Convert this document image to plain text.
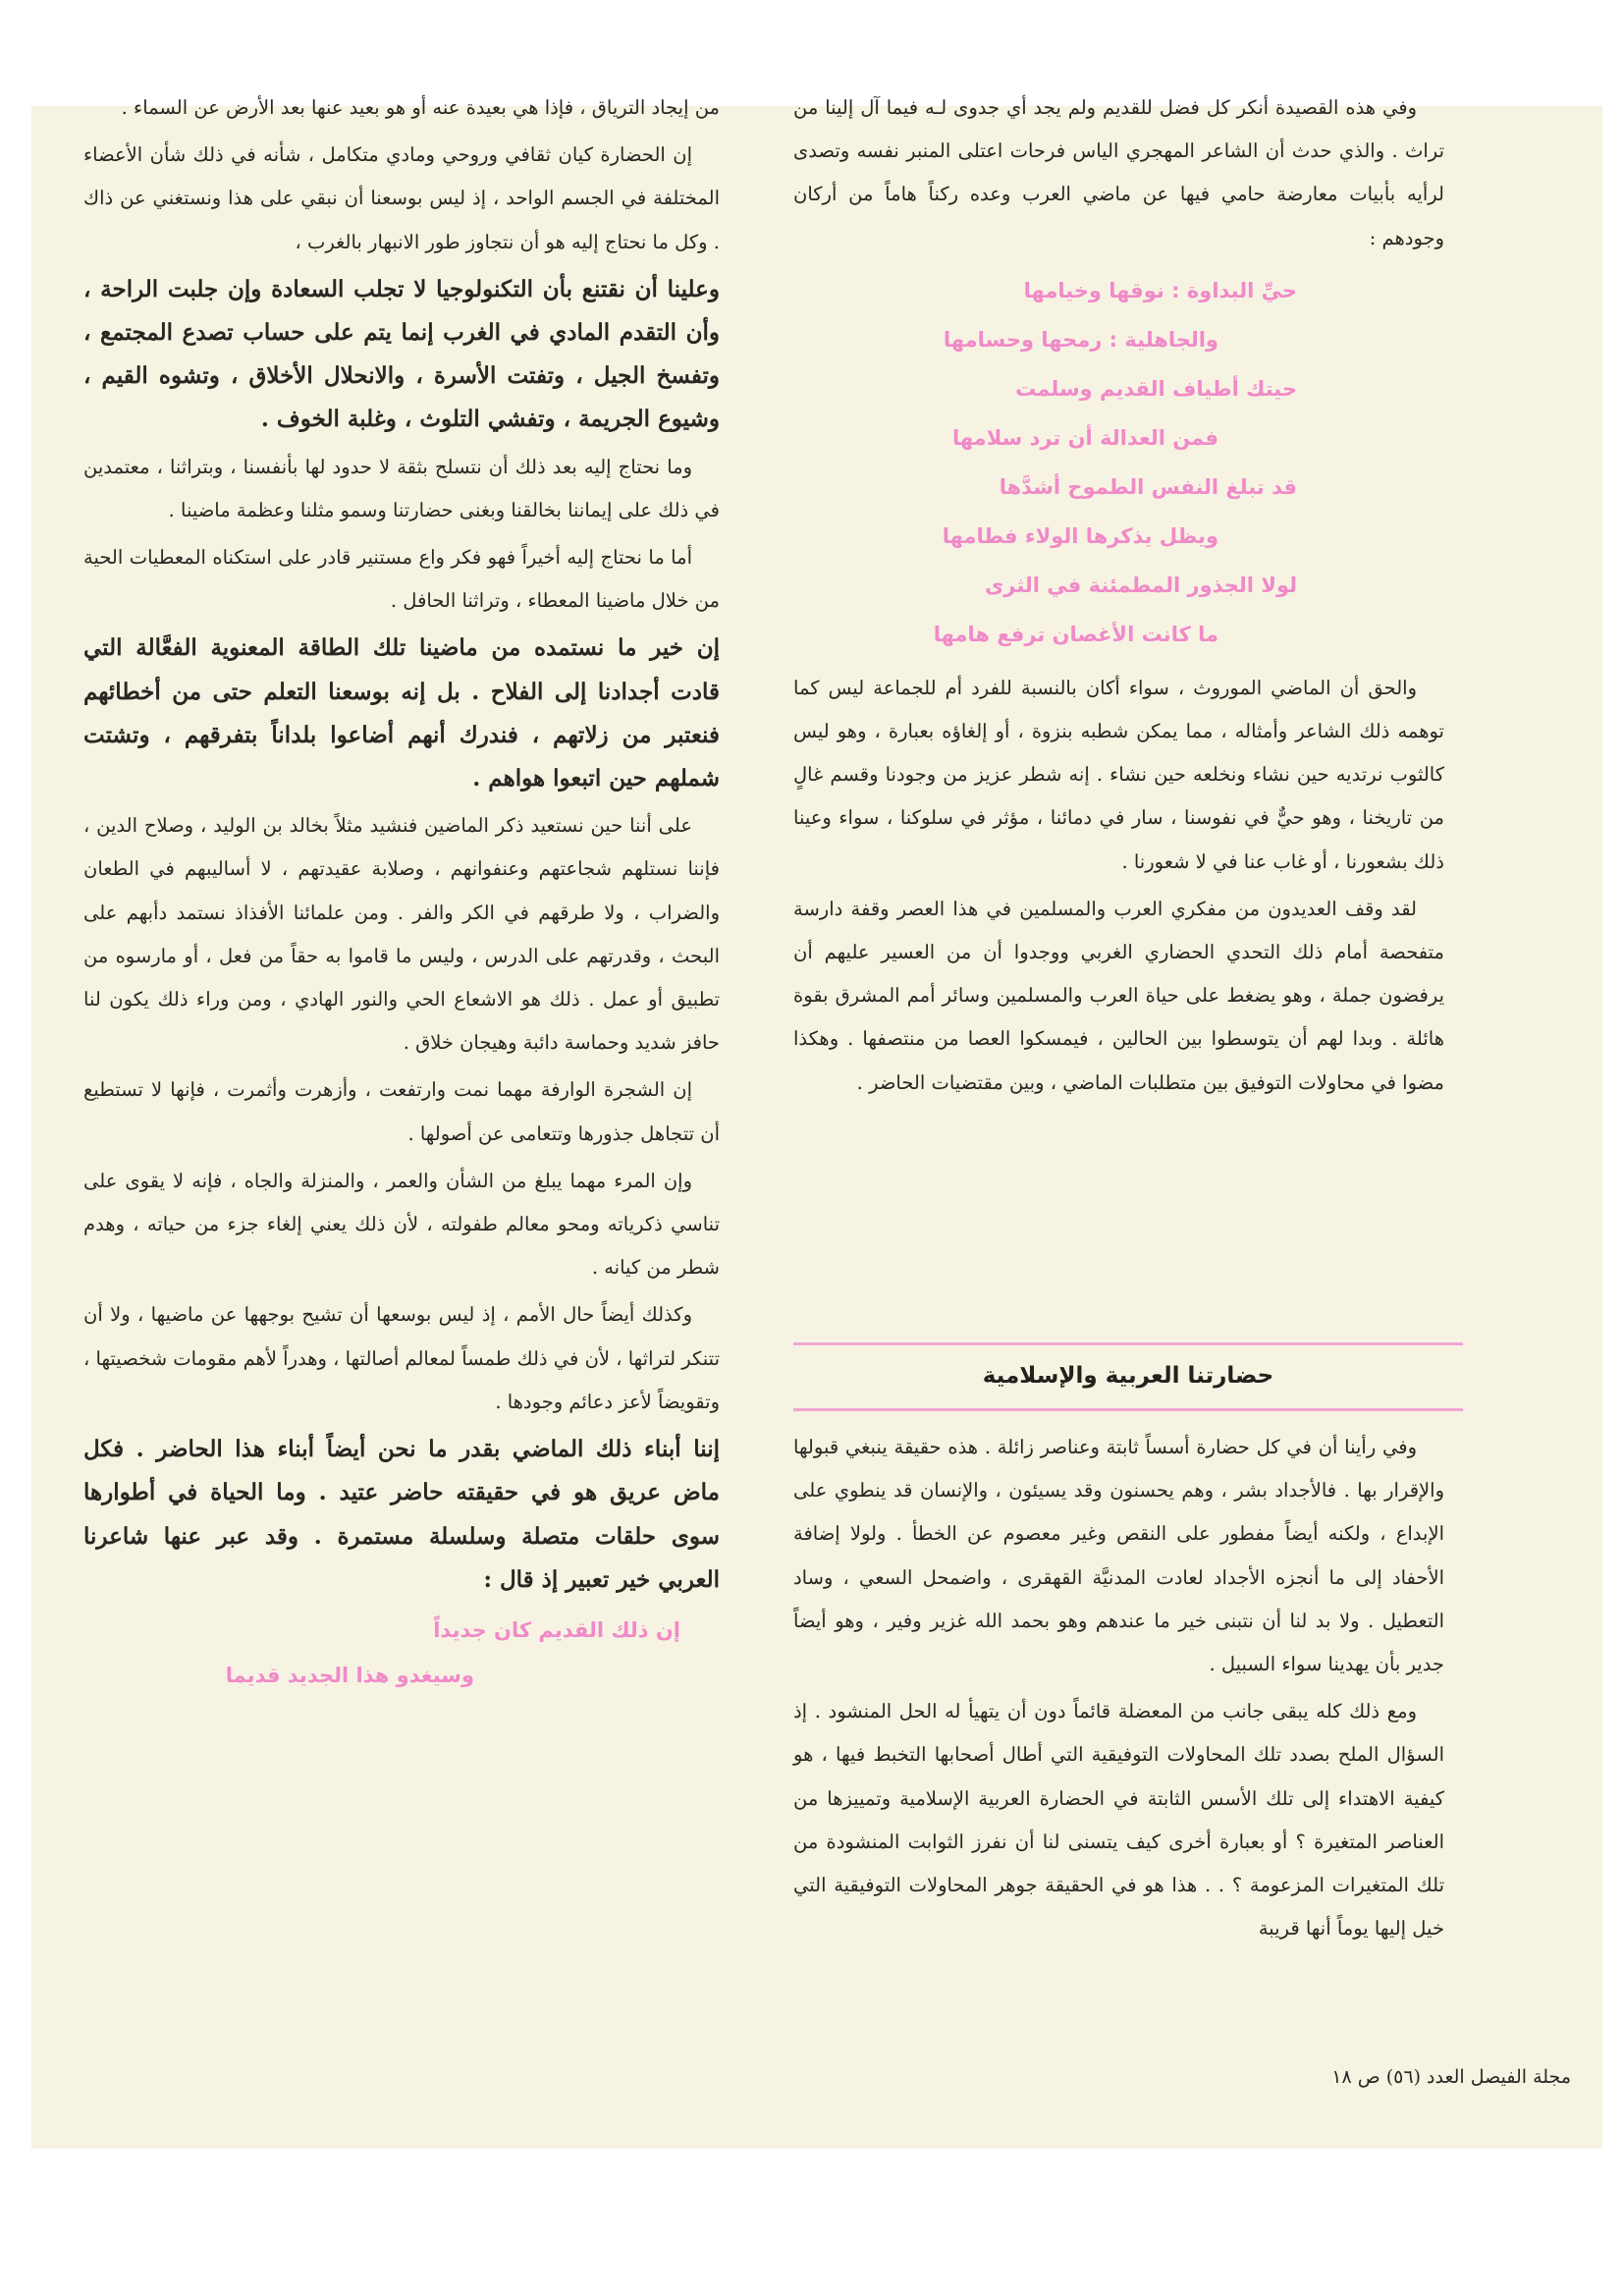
وفي هذه القصيدة أنكر كل فضل للقديم ولم يجد أي جدوى لـه فيما آل إلينا من تراث . والذي حدث أن الشاعر المهجري الياس فرحات اعتلى المنبر نفسه وتصدى لرأيه بأبيات معارضة حامي فيها عن ماضي العرب وعده ركناً هاماً من أركان وجودهم :

حيِّ البداوة : نوقها وخيامها
والجاهلية : رمحها وحسامها
حيتك أطياف القديم وسلمت
فمن العدالة أن ترد سلامها
قد تبلغ النفس الطموح أشدَّها
ويظل يذكرها الولاء فطامها
لولا الجذور المطمئنة في الثرى
ما كانت الأغصان ترفع هامها

والحق أن الماضي الموروث ، سواء أكان بالنسبة للفرد أم للجماعة ليس كما توهمه ذلك الشاعر وأمثاله ، مما يمكن شطبه بنزوة ، أو إلغاؤه بعبارة ، وهو ليس كالثوب نرتديه حين نشاء ونخلعه حين نشاء . إنه شطر عزيز من وجودنا وقسم غالٍ من تاريخنا ، وهو حيٌّ في نفوسنا ، سار في دمائنا ، مؤثر في سلوكنا ، سواء وعينا ذلك بشعورنا ، أو غاب عنا في لا شعورنا .

لقد وقف العديدون من مفكري العرب والمسلمين في هذا العصر وقفة دارسة متفحصة أمام ذلك التحدي الحضاري الغربي ووجدوا أن من العسير عليهم أن يرفضون جملة ، وهو يضغط على حياة العرب والمسلمين وسائر أمم المشرق بقوة هائلة . وبدا لهم أن يتوسطوا بين الحالين ، فيمسكوا العصا من منتصفها . وهكذا مضوا في محاولات التوفيق بين متطلبات الماضي ، وبين مقتضيات الحاضر .

حضارتنا العربية والإسلامية

وفي رأينا أن في كل حضارة أسساً ثابتة وعناصر زائلة . هذه حقيقة ينبغي قبولها والإقرار بها . فالأجداد بشر ، وهم يحسنون وقد يسيئون ، والإنسان قد ينطوي على الإبداع ، ولكنه أيضاً مفطور على النقص وغير معصوم عن الخطأ . ولولا إضافة الأحفاد إلى ما أنجزه الأجداد لعادت المدنيَّة القهقرى ، واضمحل السعي ، وساد التعطيل . ولا بد لنا أن نتبنى خير ما عندهم وهو بحمد الله غزير وفير ، وهو أيضاً جدير بأن يهدينا سواء السبيل .

ومع ذلك كله يبقى جانب من المعضلة قائماً دون أن يتهيأ له الحل المنشود . إذ السؤال الملح بصدد تلك المحاولات التوفيقية التي أطال أصحابها التخبط فيها ، هو كيفية الاهتداء إلى تلك الأسس الثابتة في الحضارة العربية الإسلامية وتمييزها من العناصر المتغيرة ؟ أو بعبارة أخرى كيف يتسنى لنا أن نفرز الثوابت المنشودة من تلك المتغيرات المزعومة ؟ . . هذا هو في الحقيقة جوهر المحاولات التوفيقية التي خيل إليها يوماً أنها قريبة

من إيجاد الترياق ، فإذا هي بعيدة عنه أو هو بعيد عنها بعد الأرض عن السماء .

إن الحضارة كيان ثقافي وروحي ومادي متكامل ، شأنه في ذلك شأن الأعضاء المختلفة في الجسم الواحد ، إذ ليس بوسعنا أن نبقي على هذا ونستغني عن ذاك . وكل ما نحتاج إليه هو أن نتجاوز طور الانبهار بالغرب ،

وعلينا أن نقتنع بأن التكنولوجيا لا تجلب السعادة وإن جلبت الراحة ، وأن التقدم المادي في الغرب إنما يتم على حساب تصدع المجتمع ، وتفسخ الجيل ، وتفتت الأسرة ، والانحلال الأخلاق ، وتشوه القيم ، وشيوع الجريمة ، وتفشي التلوث ، وغلبة الخوف .

وما نحتاج إليه بعد ذلك أن نتسلح بثقة لا حدود لها بأنفسنا ، وبتراثنا ، معتمدين في ذلك على إيماننا بخالقنا وبغنى حضارتنا وسمو مثلنا وعظمة ماضينا .

أما ما نحتاج إليه أخيراً فهو فكر واع مستنير قادر على استكناه المعطيات الحية من خلال ماضينا المعطاء ، وتراثنا الحافل .

إن خير ما نستمده من ماضينا تلك الطاقة المعنوية الفعَّالة التي قادت أجدادنا إلى الفلاح . بل إنه بوسعنا التعلم حتى من أخطائهم فنعتبر من زلاتهم ، فندرك أنهم أضاعوا بلداناً بتفرقهم ، وتشتت شملهم حين اتبعوا هواهم .

على أننا حين نستعيد ذكر الماضين فنشيد مثلاً بخالد بن الوليد ، وصلاح الدين ، فإننا نستلهم شجاعتهم وعنفوانهم ، وصلابة عقيدتهم ، لا أساليبهم في الطعان والضراب ، ولا طرقهم في الكر والفر . ومن علمائنا الأفذاذ نستمد دأبهم على البحث ، وقدرتهم على الدرس ، وليس ما قاموا به حقاً من فعل ، أو مارسوه من تطبيق أو عمل . ذلك هو الاشعاع الحي والنور الهادي ، ومن وراء ذلك يكون لنا حافز شديد وحماسة دائبة وهيجان خلاق .

إن الشجرة الوارفة مهما نمت وارتفعت ، وأزهرت وأثمرت ، فإنها لا تستطيع أن تتجاهل جذورها وتتعامى عن أصولها .

وإن المرء مهما يبلغ من الشأن والعمر ، والمنزلة والجاه ، فإنه لا يقوى على تناسي ذكرياته ومحو معالم طفولته ، لأن ذلك يعني إلغاء جزء من حياته ، وهدم شطر من كيانه .

وكذلك أيضاً حال الأمم ، إذ ليس بوسعها أن تشيح بوجهها عن ماضيها ، ولا أن تتنكر لتراثها ، لأن في ذلك طمساً لمعالم أصالتها ، وهدراً لأهم مقومات شخصيتها ، وتقويضاً لأعز دعائم وجودها .

إننا أبناء ذلك الماضي بقدر ما نحن أيضاً أبناء هذا الحاضر . فكل ماض عريق هو في حقيقته حاضر عتيد . وما الحياة في أطوارها سوى حلقات متصلة وسلسلة مستمرة . وقد عبر عنها شاعرنا العربي خير تعبير إذ قال :

إن ذلك القديم كان جديداً
وسيغدو هذا الجديد قديما
مجلة الفيصل العدد (٥٦) ص ١٨
